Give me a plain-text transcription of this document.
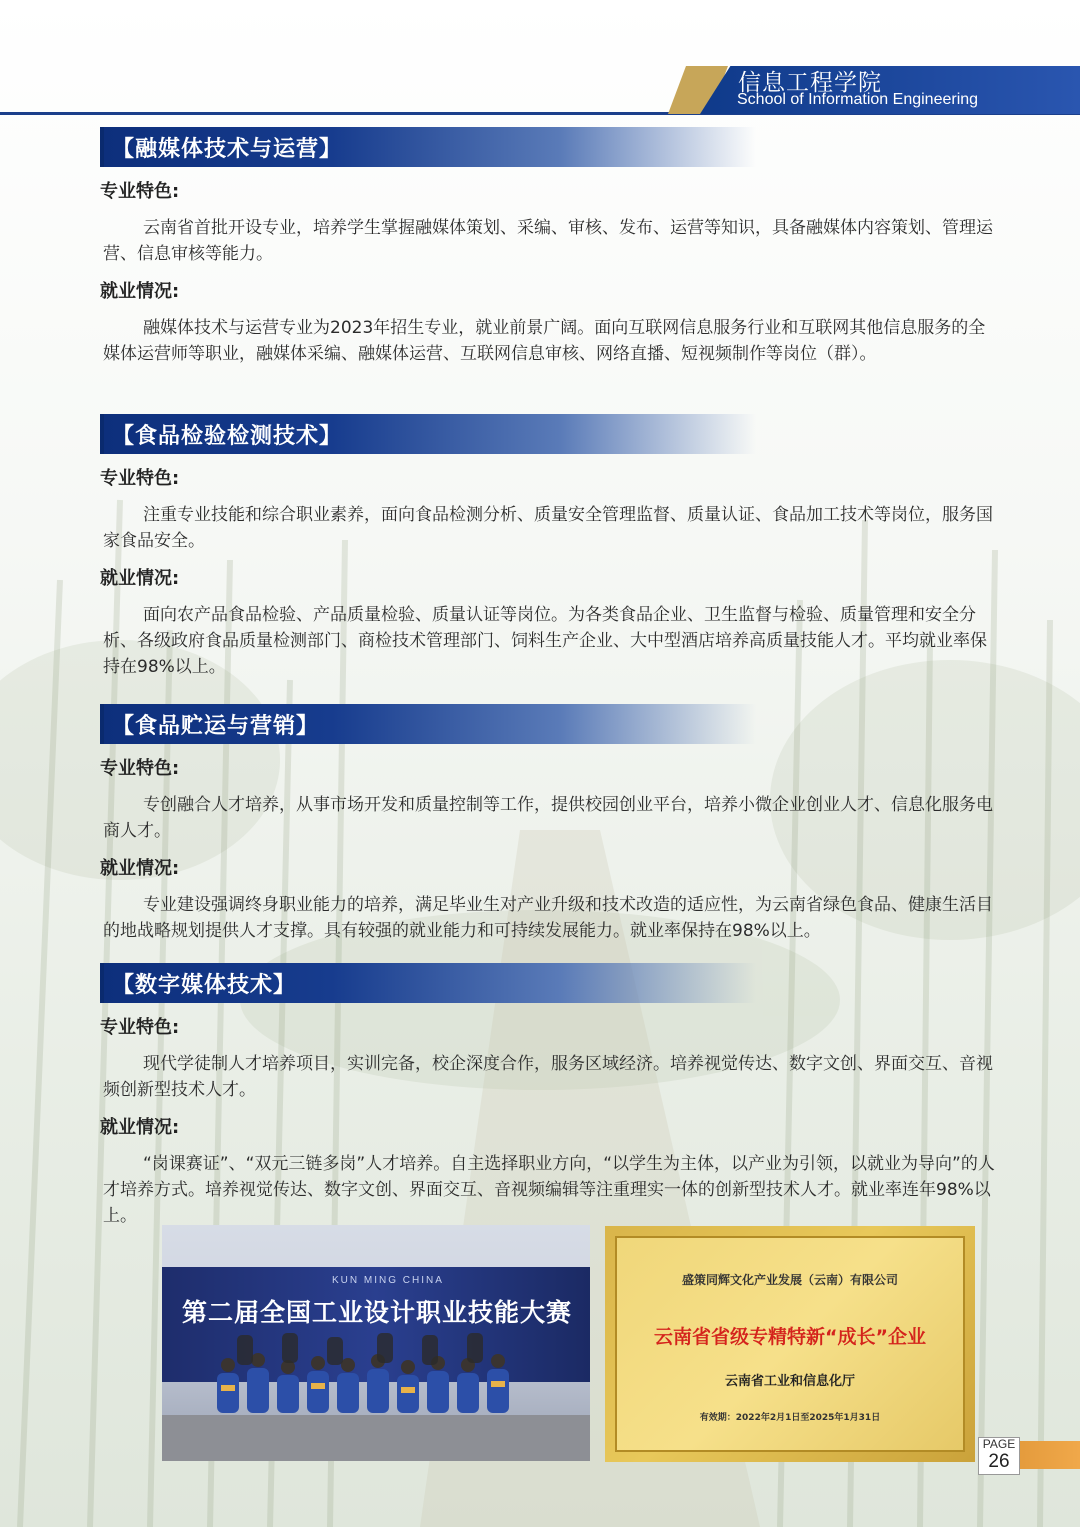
信息工程学院
School of Information Engineering
【融媒体技术与运营】
专业特色:
云南省首批开设专业，培养学生掌握融媒体策划、采编、审核、发布、运营等知识，具备融媒体内容策划、管理运营、信息审核等能力。
就业情况:
融媒体技术与运营专业为2023年招生专业，就业前景广阔。面向互联网信息服务行业和互联网其他信息服务的全媒体运营师等职业，融媒体采编、融媒体运营、互联网信息审核、网络直播、短视频制作等岗位（群）。
【食品检验检测技术】
专业特色:
注重专业技能和综合职业素养，面向食品检测分析、质量安全管理监督、质量认证、食品加工技术等岗位，服务国家食品安全。
就业情况:
面向农产品食品检验、产品质量检验、质量认证等岗位。为各类食品企业、卫生监督与检验、质量管理和安全分析、各级政府食品质量检测部门、商检技术管理部门、饲料生产企业、大中型酒店培养高质量技能人才。平均就业率保持在98%以上。
【食品贮运与营销】
专业特色:
专创融合人才培养，从事市场开发和质量控制等工作，提供校园创业平台，培养小微企业创业人才、信息化服务电商人才。
就业情况:
专业建设强调终身职业能力的培养，满足毕业生对产业升级和技术改造的适应性，为云南省绿色食品、健康生活目的地战略规划提供人才支撑。具有较强的就业能力和可持续发展能力。就业率保持在98%以上。
【数字媒体技术】
专业特色:
现代学徒制人才培养项目，实训完备，校企深度合作，服务区域经济。培养视觉传达、数字文创、界面交互、音视频创新型技术人才。
就业情况:
“岗课赛证”、“双元三链多岗”人才培养。自主选择职业方向，“以学生为主体，以产业为引领，以就业为导向”的人才培养方式。培养视觉传达、数字文创、界面交互、音视频编辑等注重理实一体的创新型技术人才。就业率连年98%以上。
KUN MING CHINA
第二届全国工业设计职业技能大赛
盛策同辉文化产业发展（云南）有限公司
云南省省级专精特新“成长”企业
云南省工业和信息化厅
有效期：2022年2月1日至2025年1月31日
PAGE
26
